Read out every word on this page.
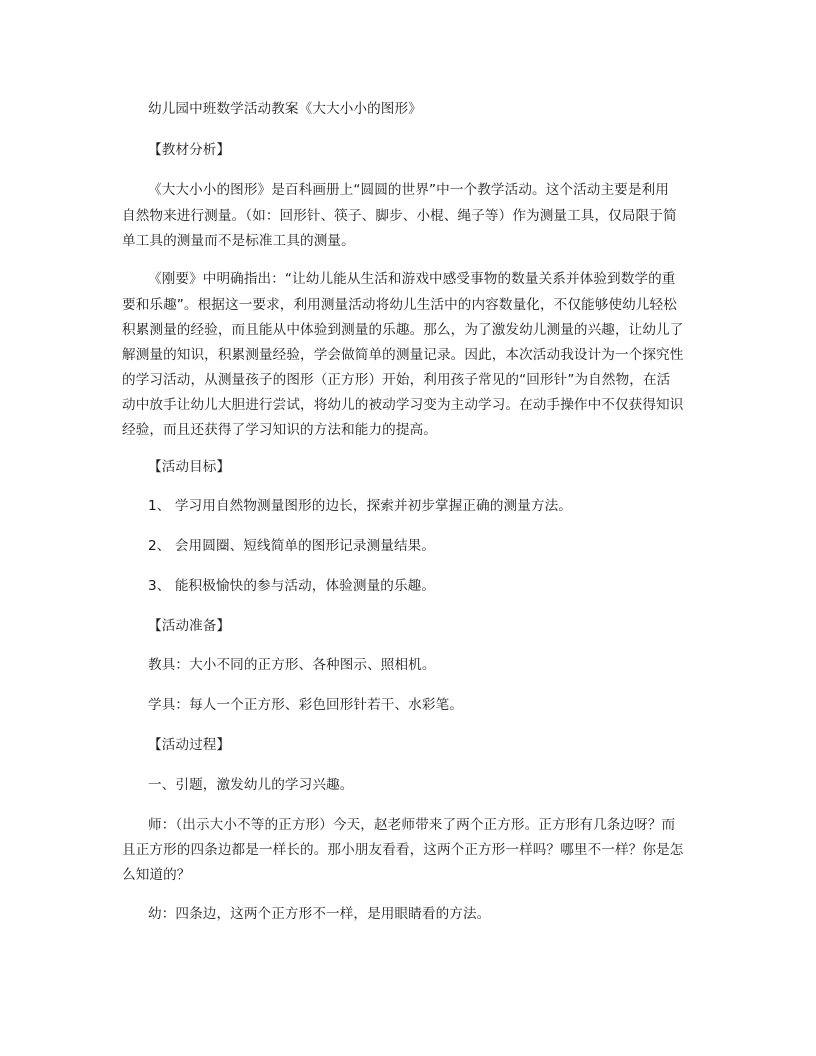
幼儿园中班数学活动教案《大大小小的图形》
【教材分析】
《大大小小的图形》是百科画册上“圆圆的世界”中一个教学活动。这个活动主要是利用
自然物来进行测量。（如：回形针、筷子、脚步、小棍、绳子等）作为测量工具，仅局限于简
单工具的测量而不是标准工具的测量。
《刚要》中明确指出：“让幼儿能从生活和游戏中感受事物的数量关系并体验到数学的重
要和乐趣”。根据这一要求，利用测量活动将幼儿生活中的内容数量化，不仅能够使幼儿轻松
积累测量的经验，而且能从中体验到测量的乐趣。那么，为了激发幼儿测量的兴趣，让幼儿了
解测量的知识，积累测量经验，学会做简单的测量记录。因此，本次活动我设计为一个探究性
的学习活动，从测量孩子的图形（正方形）开始，利用孩子常见的“回形针”为自然物，在活
动中放手让幼儿大胆进行尝试，将幼儿的被动学习变为主动学习。在动手操作中不仅获得知识
经验，而且还获得了学习知识的方法和能力的提高。
【活动目标】
1、 学习用自然物测量图形的边长，探索并初步掌握正确的测量方法。
2、 会用圆圈、短线简单的图形记录测量结果。
3、 能积极愉快的参与活动，体验测量的乐趣。
【活动准备】
教具：大小不同的正方形、各种图示、照相机。
学具：每人一个正方形、彩色回形针若干、水彩笔。
【活动过程】
一、引题，激发幼儿的学习兴趣。
师：（出示大小不等的正方形）今天，赵老师带来了两个正方形。正方形有几条边呀？而
且正方形的四条边都是一样长的。那小朋友看看，这两个正方形一样吗？哪里不一样？你是怎
么知道的？
幼：四条边，这两个正方形不一样，是用眼睛看的方法。
